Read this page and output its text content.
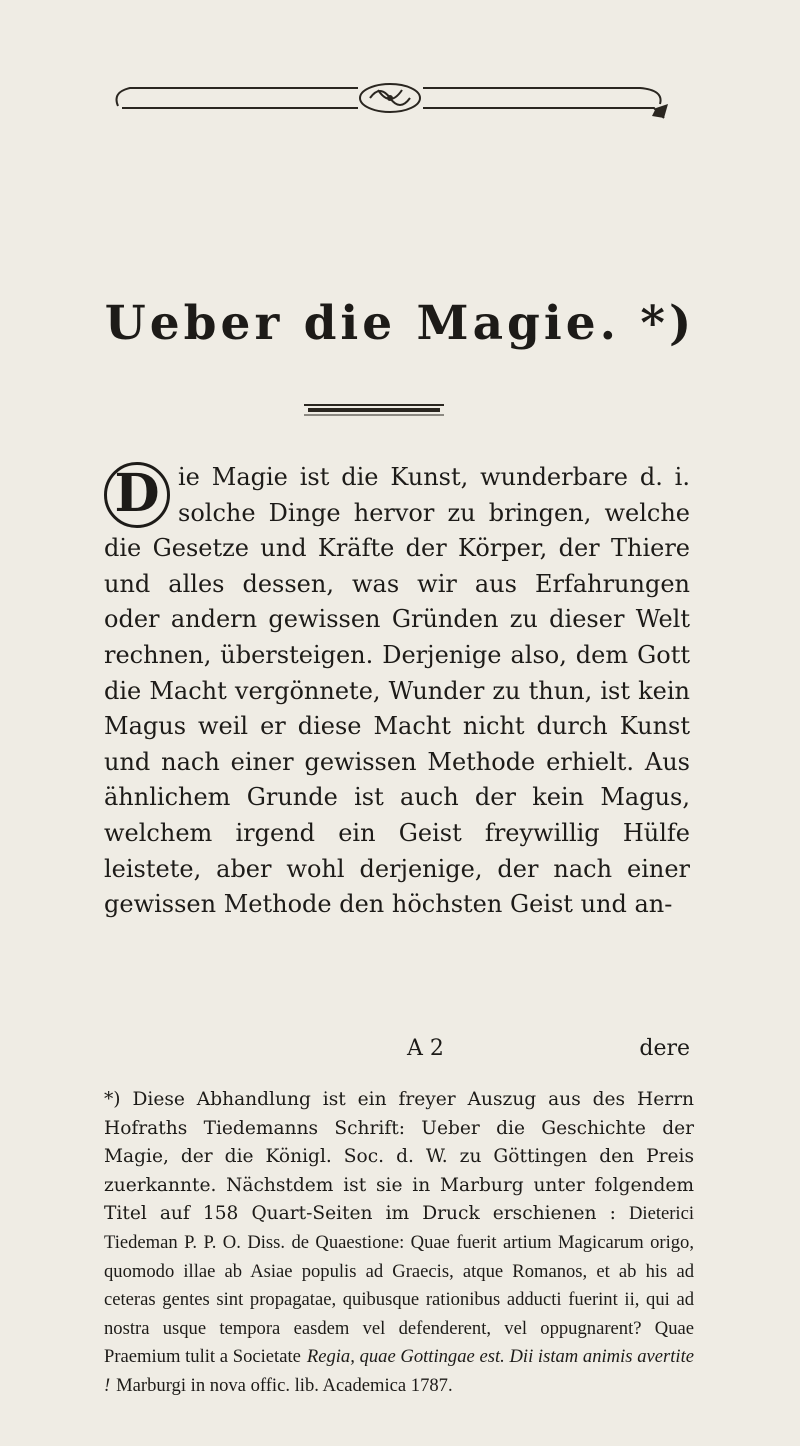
Ueber die Magie. *)
D ie Magie ist die Kunst, wunderbare d. i. solche Dinge hervor zu bringen, welche die Gesetze und Kräfte der Körper, der Thiere und alles dessen, was wir aus Erfahrungen oder andern gewissen Gründen zu dieser Welt rechnen, übersteigen. Derjenige also, dem Gott die Macht vergönnete, Wunder zu thun, ist kein Magus weil er diese Macht nicht durch Kunst und nach einer gewissen Methode erhielt. Aus ähnlichem Grunde ist auch der kein Magus, welchem irgend ein Geist freywillig Hülfe leistete, aber wohl derjenige, der nach einer gewissen Methode den höchsten Geist und an-

A 2	dere

*) Diese Abhandlung ist ein freyer Auszug aus des Herrn Hofraths Tiedemanns Schrift: Ueber die Geschichte der Magie, der die Königl. Soc. d. W. zu Göttingen den Preis zuerkannte. Nächstdem ist sie in Marburg unter folgendem Titel auf 158 Quart-Seiten im Druck erschienen : Dieterici Tiedeman P. P. O. Diss. de Quaestione: Quae fuerit artium Magicarum origo, quomodo illae ab Asiae populis ad Graecis, atque Romanos, et ab his ad ceteras gentes sint propagatae, quibusque rationibus adducti fuerint ii, qui ad nostra usque tempora easdem vel defenderent, vel oppugnarent? Quae Praemium tulit a Societate Regia, quae Gottingae est. Dii istam animis avertite ! Marburgi in nova offic. lib. Academica 1787.
